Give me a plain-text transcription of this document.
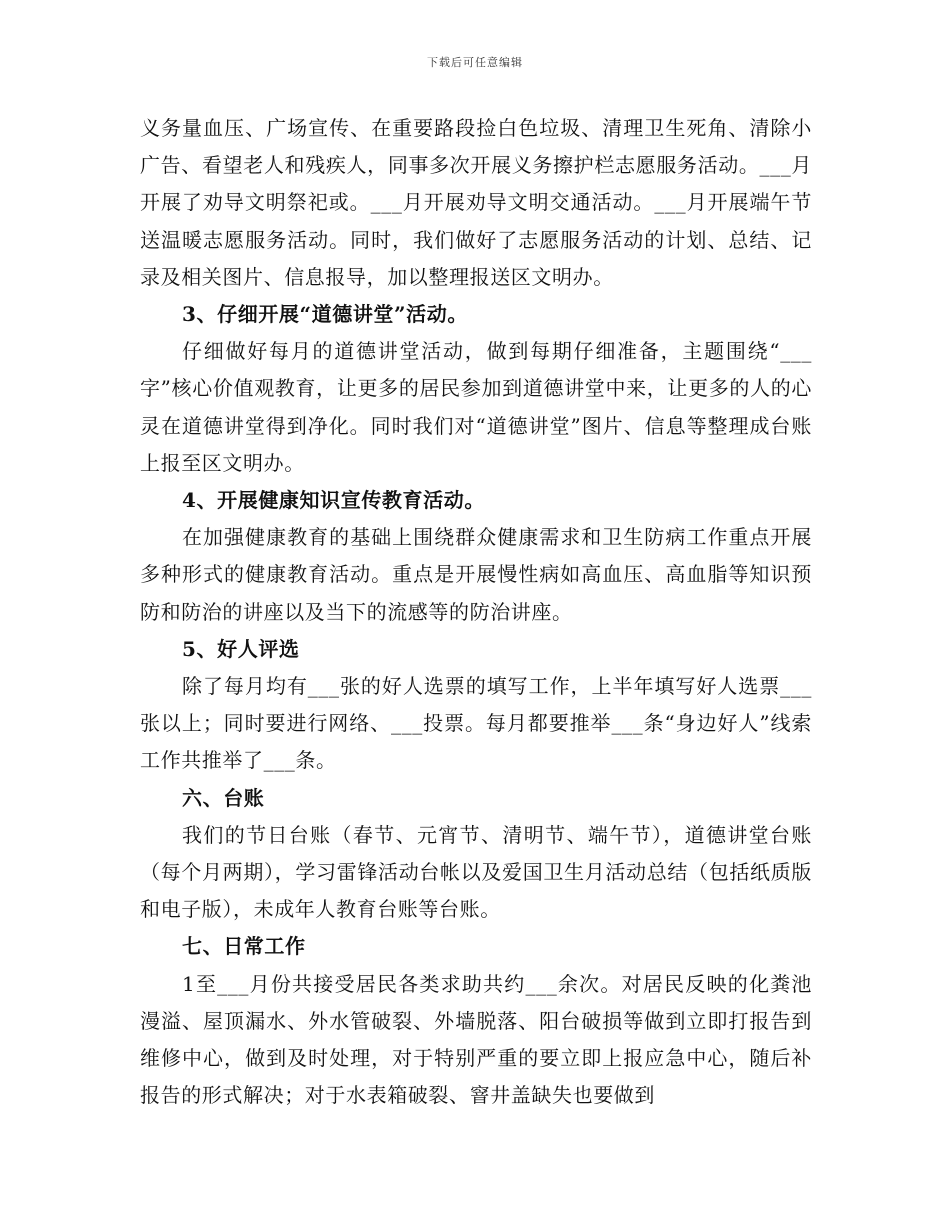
下载后可任意编辑

义务量血压、广场宣传、在重要路段捡白色垃圾、清理卫生死角、清除小广告、看望老人和残疾人，同事多次开展义务擦护栏志愿服务活动。___月开展了劝导文明祭祀或。___月开展劝导文明交通活动。___月开展端午节送温暖志愿服务活动。同时，我们做好了志愿服务活动的计划、总结、记录及相关图片、信息报导，加以整理报送区文明办。

3、仔细开展“道德讲堂”活动。

仔细做好每月的道德讲堂活动，做到每期仔细准备，主题围绕“___字”核心价值观教育，让更多的居民参加到道德讲堂中来，让更多的人的心灵在道德讲堂得到净化。同时我们对“道德讲堂”图片、信息等整理成台账上报至区文明办。

4、开展健康知识宣传教育活动。

在加强健康教育的基础上围绕群众健康需求和卫生防病工作重点开展多种形式的健康教育活动。重点是开展慢性病如高血压、高血脂等知识预防和防治的讲座以及当下的流感等的防治讲座。

5、好人评选

除了每月均有___张的好人选票的填写工作，上半年填写好人选票___张以上；同时要进行网络、___投票。每月都要推举___条“身边好人”线索工作共推举了___条。

六、台账

我们的节日台账（春节、元宵节、清明节、端午节），道德讲堂台账（每个月两期），学习雷锋活动台帐以及爱国卫生月活动总结（包括纸质版和电子版），未成年人教育台账等台账。

七、日常工作

1至___月份共接受居民各类求助共约___余次。对居民反映的化粪池漫溢、屋顶漏水、外水管破裂、外墙脱落、阳台破损等做到立即打报告到维修中心，做到及时处理，对于特别严重的要立即上报应急中心，随后补报告的形式解决；对于水表箱破裂、窨井盖缺失也要做到
